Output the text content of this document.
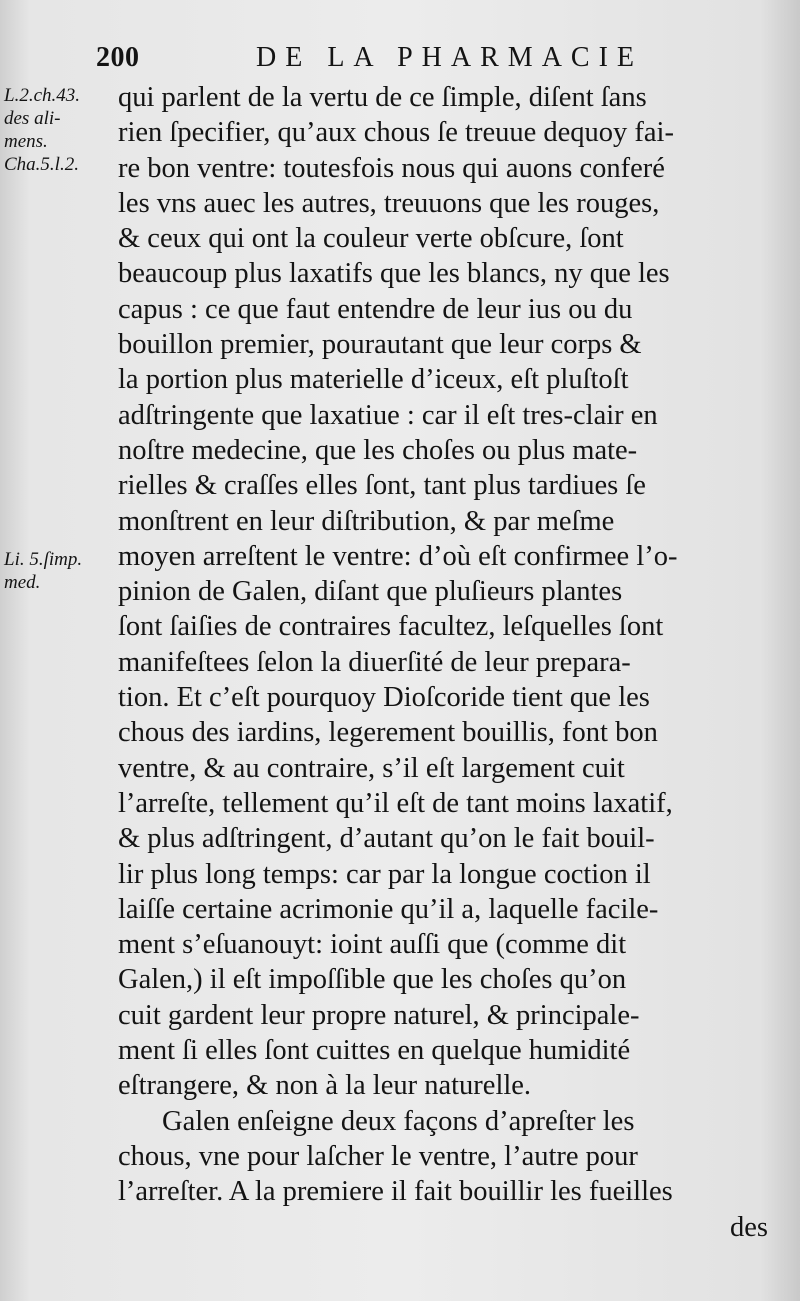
200	DE LA PHARMACIE
L.2.ch.43.
des ali-
mens.
Cha.5.l.2.
Li. 5.ſimp.
med.
qui parlent de la vertu de ce ſimple, diſent ſans
rien ſpecifier, qu’aux chous ſe treuue dequoy fai-
re bon ventre: toutesfois nous qui auons conferé
les vns auec les autres, treuuons que les rouges,
& ceux qui ont la couleur verte obſcure, ſont
beaucoup plus laxatifs que les blancs, ny que les
capus : ce que faut entendre de leur ius ou du
bouillon premier, pourautant que leur corps &
la portion plus materielle d’iceux, eſt pluſtoſt
adſtringente que laxatiue : car il eſt tres-clair en
noſtre medecine, que les choſes ou plus mate-
rielles & craſſes elles ſont, tant plus tardiues ſe
monſtrent en leur diſtribution, & par meſme
moyen arreſtent le ventre: d’où eſt confirmee l’o-
pinion de Galen, diſant que pluſieurs plantes
ſont ſaiſies de contraires facultez, leſquelles ſont
manifeſtees ſelon la diuerſité de leur prepara-
tion. Et c’eſt pourquoy Dioſcoride tient que les
chous des iardins, legerement bouillis, font bon
ventre, & au contraire, s’il eſt largement cuit
l’arreſte, tellement qu’il eſt de tant moins laxatif,
& plus adſtringent, d’autant qu’on le fait bouil-
lir plus long temps: car par la longue coction il
laiſſe certaine acrimonie qu’il a, laquelle facile-
ment s’eſuanouyt: ioint auſſi que (comme dit
Galen,) il eſt impoſſible que les choſes qu’on
cuit gardent leur propre naturel, & principale-
ment ſi elles ſont cuittes en quelque humidité
eſtrangere, & non à la leur naturelle.
Galen enſeigne deux façons d’apreſter les
chous, vne pour laſcher le ventre, l’autre pour
l’arreſter. A la premiere il fait bouillir les fueilles
des
